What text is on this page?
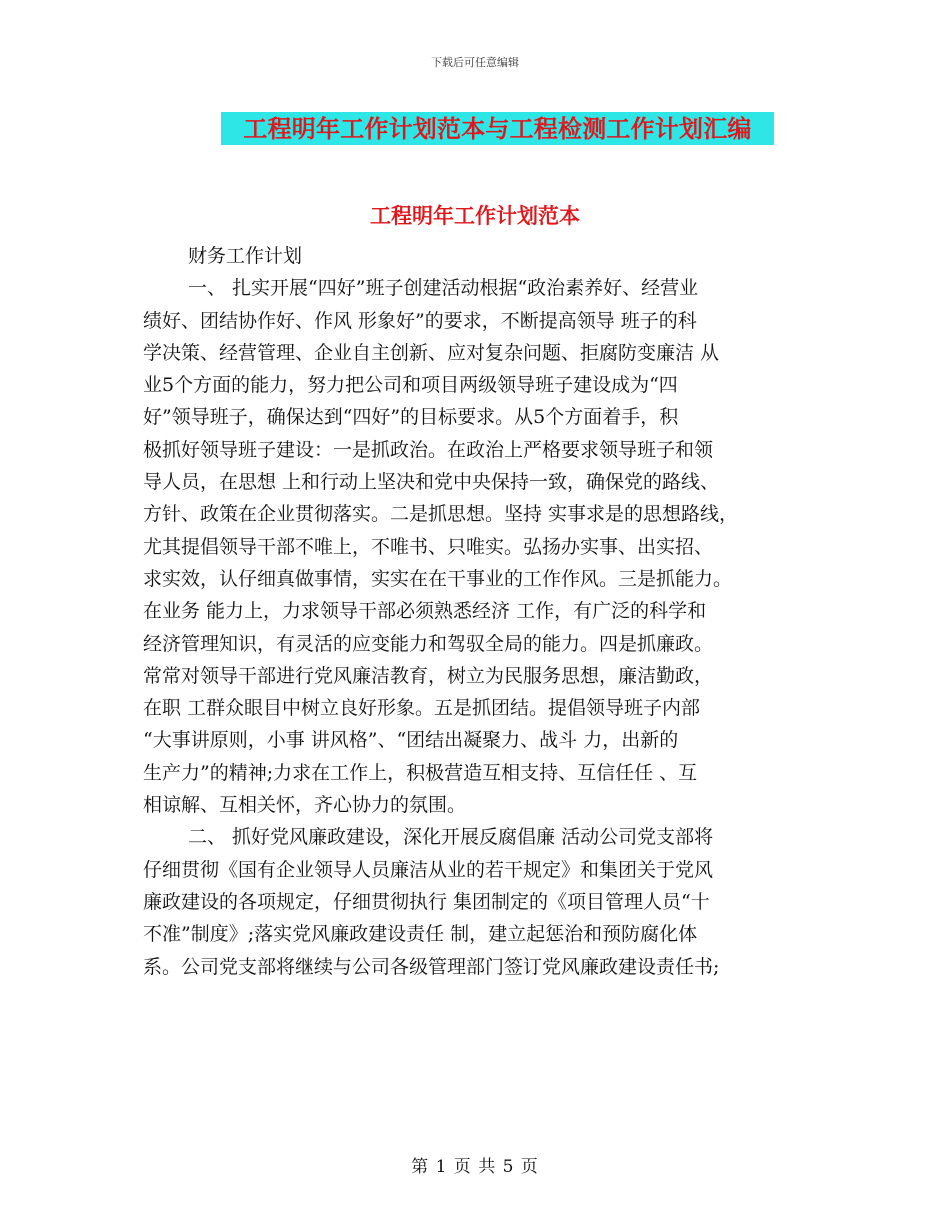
下载后可任意编辑
工程明年工作计划范本与工程检测工作计划汇编
工程明年工作计划范本
财务工作计划
一、 扎实开展“四好”班子创建活动根据“政治素养好、经营业
绩好、团结协作好、作风 形象好”的要求，不断提高领导 班子的科
学决策、经营管理、企业自主创新、应对复杂问题、拒腐防变廉洁 从
业5个方面的能力，努力把公司和项目两级领导班子建设成为“四
好”领导班子，确保达到“四好”的目标要求。从5个方面着手，积
极抓好领导班子建设：一是抓政治。在政治上严格要求领导班子和领
导人员，在思想 上和行动上坚决和党中央保持一致，确保党的路线、
方针、政策在企业贯彻落实。二是抓思想。坚持 实事求是的思想路线，
尤其提倡领导干部不唯上，不唯书、只唯实。弘扬办实事、出实招、
求实效，认仔细真做事情，实实在在干事业的工作作风。三是抓能力。
在业务 能力上，力求领导干部必须熟悉经济 工作，有广泛的科学和
经济管理知识，有灵活的应变能力和驾驭全局的能力。四是抓廉政。
常常对领导干部进行党风廉洁教育，树立为民服务思想，廉洁勤政，
在职 工群众眼目中树立良好形象。五是抓团结。提倡领导班子内部
“大事讲原则，小事 讲风格”、“团结出凝聚力、战斗 力，出新的
生产力”的精神;力求在工作上，积极营造互相支持、互信任任 、互
相谅解、互相关怀，齐心协力的氛围。
二、 抓好党风廉政建设，深化开展反腐倡廉 活动公司党支部将
仔细贯彻《国有企业领导人员廉洁从业的若干规定》和集团关于党风
廉政建设的各项规定，仔细贯彻执行 集团制定的《项目管理人员“十
不准”制度》;落实党风廉政建设责任 制，建立起惩治和预防腐化体
系。公司党支部将继续与公司各级管理部门签订党风廉政建设责任书;
第 1 页 共 5 页
